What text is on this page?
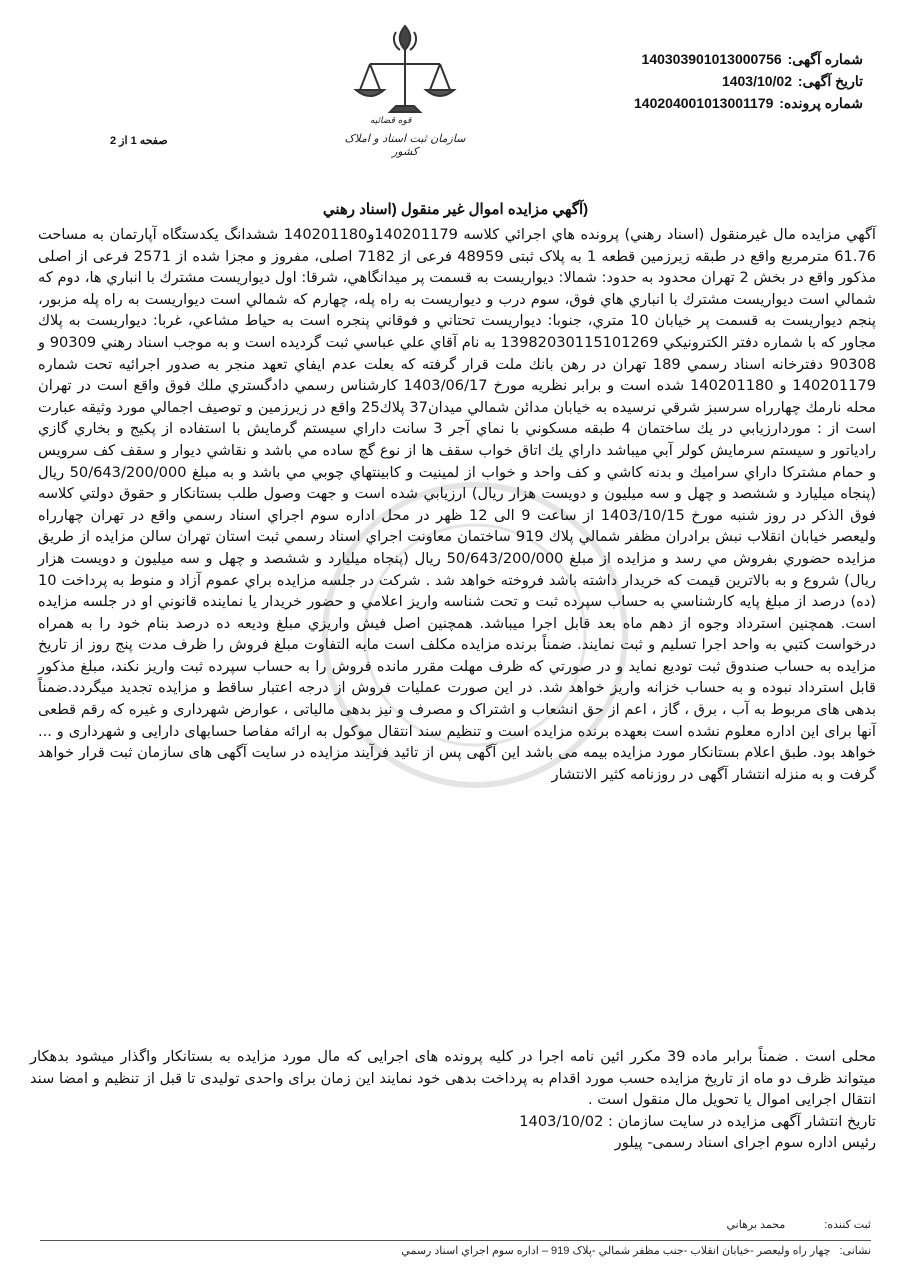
قوه قضائیه
سازمان ثبت اسناد و املاک کشور
شماره آگهی: 140303901013000756
تاریخ آگهی: 1403/10/02
شماره پرونده: 140204001013001179
صفحه 1 از 2
(آگهي مزايده اموال غير منقول (اسناد رهني

آگهي مزايده مال غيرمنقول (اسناد رهني) پرونده هاي اجرائي كلاسه 140201179و140201180 ششدانگ يكدستگاه آپارتمان به مساحت 61.76 مترمربع واقع در طبقه زيرزمين قطعه 1 به پلاک ثبتی 48959 فرعی از 7182 اصلی، مفروز و مجزا شده از 2571 فرعی از اصلی مذکور واقع در بخش 2 تهران محدود به حدود: شمالا: ديواريست به قسمت پر ميدانگاهي، شرقا: اول ديواريست مشترك با انباري ها، دوم كه شمالي است ديواريست مشترك با انباري هاي فوق، سوم درب و ديواريست به راه پله، چهارم كه شمالي است ديواريست به راه پله مزبور، پنجم ديواريست به قسمت پر خيابان 10 متري، جنوبا: ديواريست تحتاني و فوقاني پنجره است به حياط مشاعي، غربا: ديواريست به پلاك مجاور كه با شماره دفتر الكترونيكي 13982030115101269 به نام آقاي علي عباسي ثبت گرديده است و به موجب اسناد رهني 90309 و 90308 دفترخانه اسناد رسمي 189 تهران در رهن بانك ملت قرار گرفته كه بعلت عدم ايفاي تعهد منجر به صدور اجرائيه تحت شماره 140201179 و 140201180 شده است و برابر نظريه مورخ 1403/06/17 كارشناس رسمي دادگستري ملك فوق واقع است در تهران محله نارمك چهارراه سرسبز شرقي نرسيده به خيابان مدائن شمالي ميدان37 پلاك25 واقع در زيرزمين و توصيف اجمالي مورد وثيقه عبارت است از : موردارزيابي در يك ساختمان 4 طبقه مسكوني با نماي آجر 3 سانت داراي سيستم گرمايش با استفاده از پكيج و بخاري گازي رادياتور و سيستم سرمايش كولر آبي ميباشد داراي يك اتاق خواب سقف ها از نوع گچ ساده مي باشد و نقاشي ديوار و سقف كف سرويس و حمام مشتركا داراي سراميك و بدنه كاشي و كف واحد و خواب از لمينيت و كابينتهاي چوبي مي باشد و به مبلغ 50/643/200/000 ريال (پنجاه ميليارد و ششصد و چهل و سه ميليون و دويست هزار ريال) ارزيابي شده است و جهت وصول طلب بستانكار و حقوق دولتي كلاسه فوق الذكر در روز شنبه مورخ 1403/10/15 از ساعت 9 الی 12 ظهر در محل اداره سوم اجراي اسناد رسمي واقع در تهران چهارراه وليعصر خيابان انقلاب نبش برادران مظفر شمالي پلاك 919 ساختمان معاونت اجراي اسناد رسمي ثبت استان تهران سالن مزايده از طريق مزايده حضوري بفروش مي رسد و مزايده از مبلغ 50/643/200/000 ريال (پنجاه ميليارد و ششصد و چهل و سه ميليون و دويست هزار ريال) شروع و به بالاترين قيمت كه خريدار داشته باشد فروخته خواهد شد . شركت در جلسه مزايده براي عموم آزاد و منوط به پرداخت 10 (ده) درصد از مبلغ پايه كارشناسي به حساب سپرده ثبت و تحت شناسه واريز اعلامي و حضور خريدار يا نماينده قانوني او در جلسه مزايده است. همچنين استرداد وجوه از دهم ماه بعد قابل اجرا ميباشد. همچنين اصل فيش واريزي مبلغ وديعه ده درصد بنام خود را به همراه درخواست كتبي به واحد اجرا تسليم و ثبت نمايند. ضمناً برنده مزايده مكلف است مابه التفاوت مبلغ فروش را ظرف مدت پنج روز از تاريخ مزايده به حساب صندوق ثبت توديع نمايد و در صورتي كه ظرف مهلت مقرر مانده فروش را به حساب سپرده ثبت واريز نكند، مبلغ مذكور قابل استرداد نبوده و به حساب خزانه واريز خواهد شد. در اين صورت عمليات فروش از درجه اعتبار ساقط و مزايده تجديد ميگردد.ضمناً بدهی های مربوط به آب ، برق ، گاز ، اعم از حق انشعاب و اشتراک و مصرف و نیز بدهی مالیاتی ، عوارض شهرداری و غیره که رقم قطعی آنها برای این اداره معلوم نشده است بعهده برنده مزایده است و تنظیم سند انتقال موکول به ارائه مفاصا حسابهای دارایی و شهرداری و ... خواهد بود. طبق اعلام بستانکار مورد مزایده بیمه می باشد این آگهی پس از تائید فرآیند مزایده در سایت آگهی های سازمان ثبت قرار خواهد گرفت و به منزله انتشار آگهی در روزنامه کثیر الانتشار

محلی است . ضمناً برابر ماده 39 مکرر ائین نامه اجرا در کلیه پرونده های اجرایی که مال مورد مزایده به بستانکار واگذار میشود بدهکار میتواند ظرف دو ماه از تاریخ مزایده حسب مورد اقدام به پرداخت بدهی خود نمایند این زمان برای واحدی تولیدی تا قبل از تنظیم و امضا سند انتقال اجرایی اموال یا تحویل مال منقول است .

تاریخ انتشار آگهی مزایده در سایت سازمان : 1403/10/02

رئیس اداره سوم اجرای اسناد رسمی- پیلور

ثبت كننده: محمد برهاني
نشانی: چهار راه وليعصر -خيابان انقلاب -جنب مظفر شمالي -پلاک 919 – اداره سوم اجراي اسناد رسمي
